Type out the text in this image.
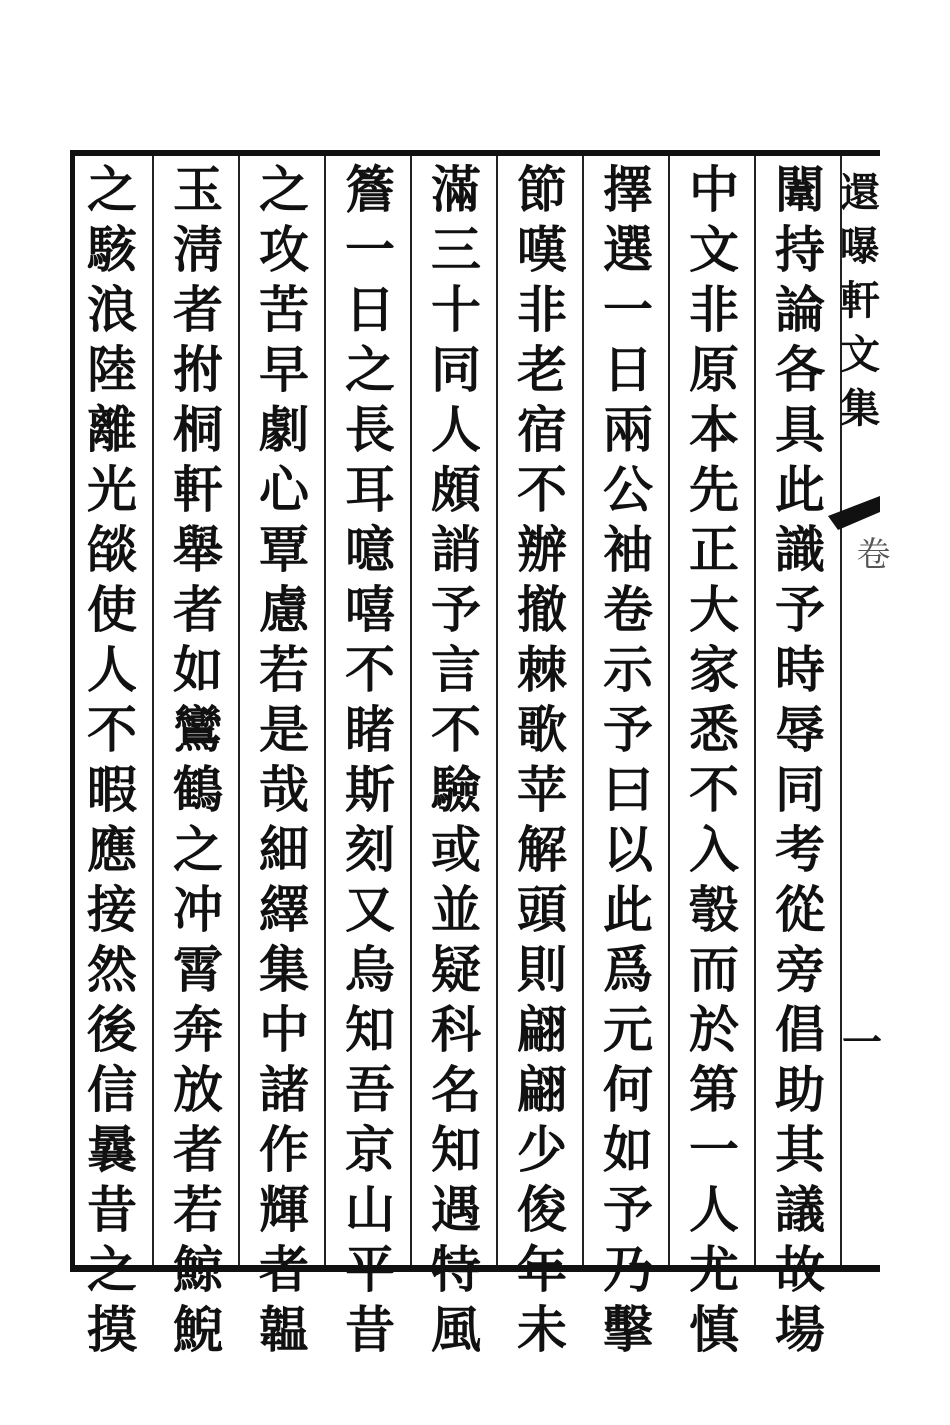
闈
持
論
各
具
此
識
予
時
辱
同
考
從
旁
倡
助
其
議
故
場
中
文
非
原
本
先
正
大
家
悉
不
入
彀
而
於
第
一
人
尤
慎
擇
選
一
日
兩
公
袖
卷
示
予
曰
以
此
爲
元
何
如
予
乃
擊
節
嘆
非
老
宿
不
辦
撤
棘
歌
苹
解
頭
則
翩
翩
少
俊
年
未
滿
三
十
同
人
頗
誚
予
言
不
驗
或
並
疑
科
名
知
遇
特
風
簷
一
日
之
長
耳
噫
嘻
不
睹
斯
刻
又
烏
知
吾
京
山
平
昔
之
攻
苦
早
劇
心
覃
慮
若
是
哉
細
繹
集
中
諸
作
輝
者
韞
玉
淸
者
拊
桐
軒
舉
者
如
鸞
鶴
之
冲
霄
奔
放
者
若
鯨
鯢
之
駭
浪
陸
離
光
燄
使
人
不
暇
應
接
然
後
信
曩
昔
之
摸
還
嚗
軒
文
集
卷
一
